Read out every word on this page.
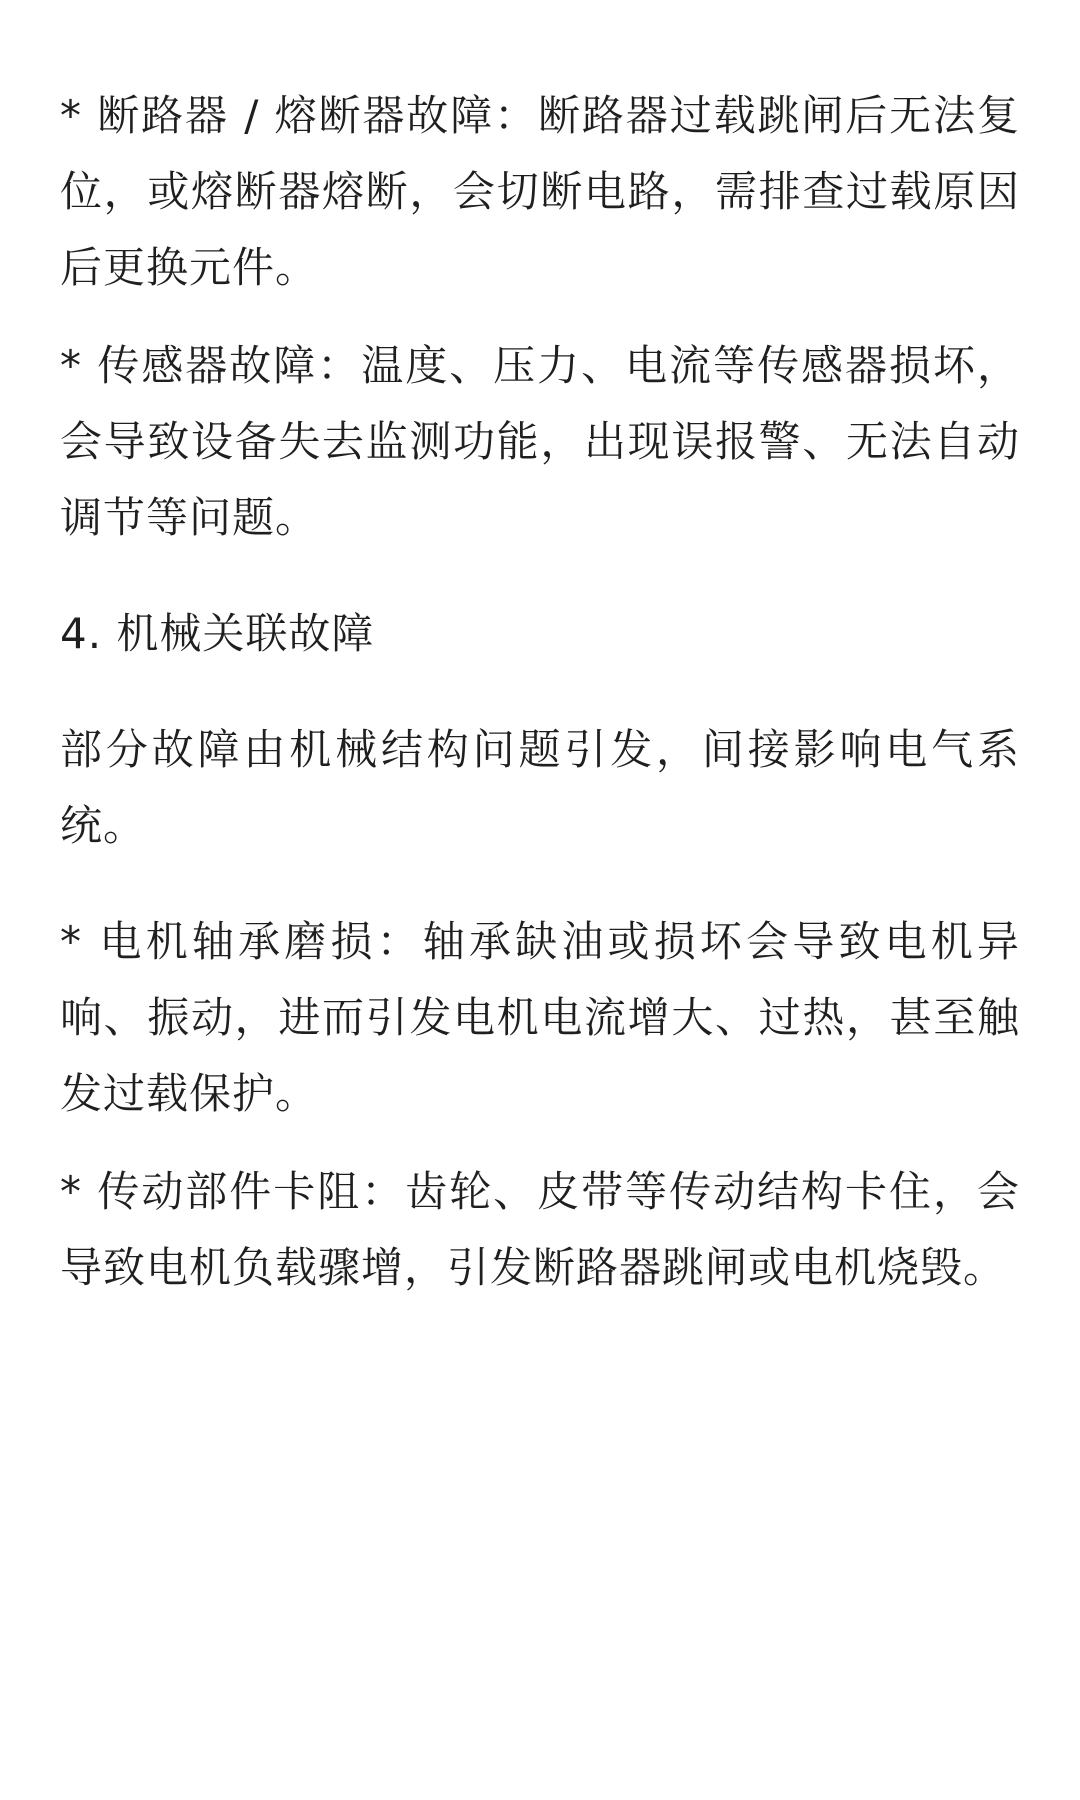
* 断路器 / 熔断器故障：断路器过载跳闸后无法复位，或熔断器熔断，会切断电路，需排查过载原因后更换元件。

* 传感器故障：温度、压力、电流等传感器损坏，会导致设备失去监测功能，出现误报警、无法自动调节等问题。

4. 机械关联故障

部分故障由机械结构问题引发，间接影响电气系统。

* 电机轴承磨损：轴承缺油或损坏会导致电机异响、振动，进而引发电机电流增大、过热，甚至触发过载保护。

* 传动部件卡阻：齿轮、皮带等传动结构卡住，会导致电机负载骤增，引发断路器跳闸或电机烧毁。
